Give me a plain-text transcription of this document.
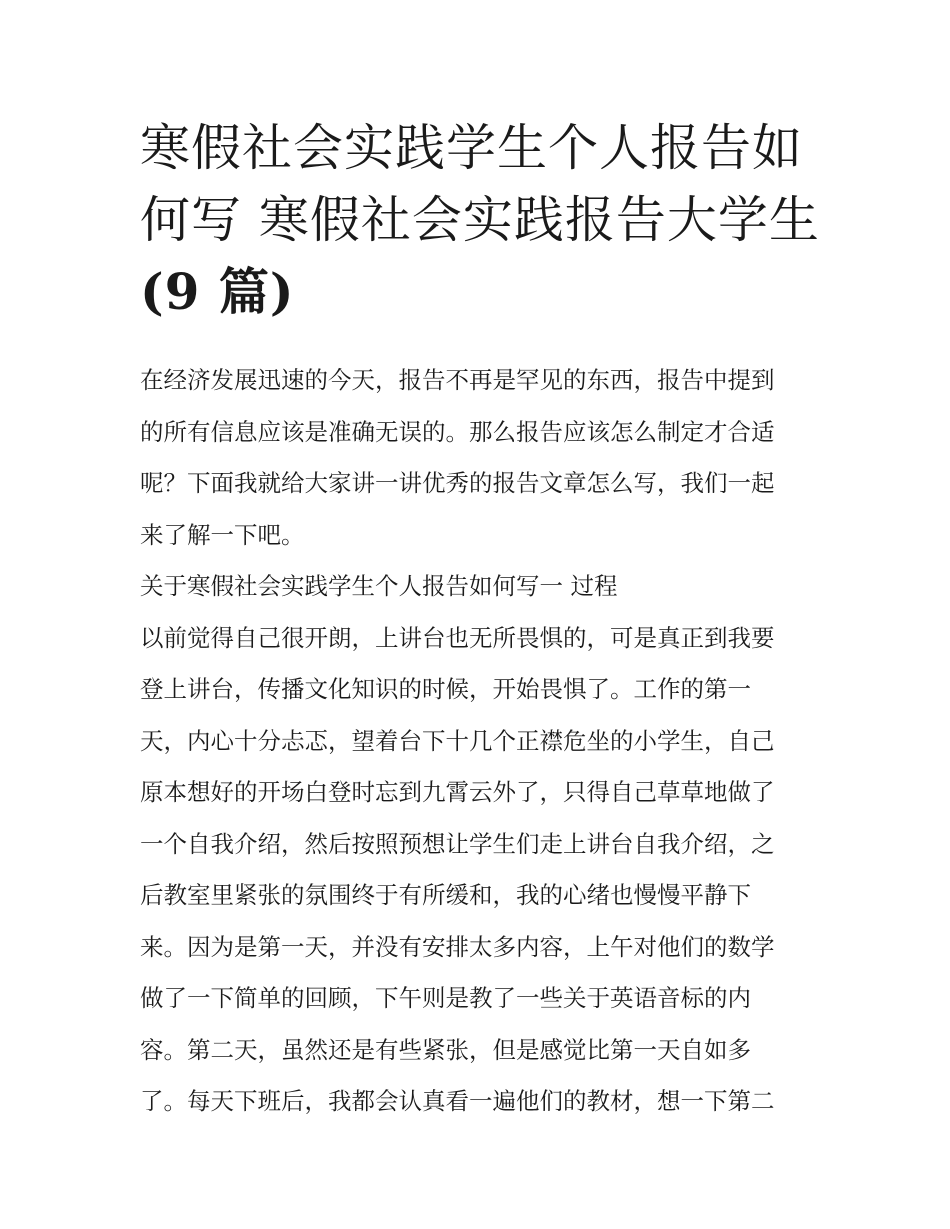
寒假社会实践学生个人报告如
何写 寒假社会实践报告大学生
(9 篇)
在经济发展迅速的今天，报告不再是罕见的东西，报告中提到
的所有信息应该是准确无误的。那么报告应该怎么制定才合适
呢？下面我就给大家讲一讲优秀的报告文章怎么写，我们一起
来了解一下吧。
关于寒假社会实践学生个人报告如何写一 过程
以前觉得自己很开朗，上讲台也无所畏惧的，可是真正到我要
登上讲台，传播文化知识的时候，开始畏惧了。工作的第一
天，内心十分忐忑，望着台下十几个正襟危坐的小学生，自己
原本想好的开场白登时忘到九霄云外了，只得自己草草地做了
一个自我介绍，然后按照预想让学生们走上讲台自我介绍，之
后教室里紧张的氛围终于有所缓和，我的心绪也慢慢平静下
来。因为是第一天，并没有安排太多内容，上午对他们的数学
做了一下简单的回顾，下午则是教了一些关于英语音标的内
容。第二天，虽然还是有些紧张，但是感觉比第一天自如多
了。每天下班后，我都会认真看一遍他们的教材，想一下第二
